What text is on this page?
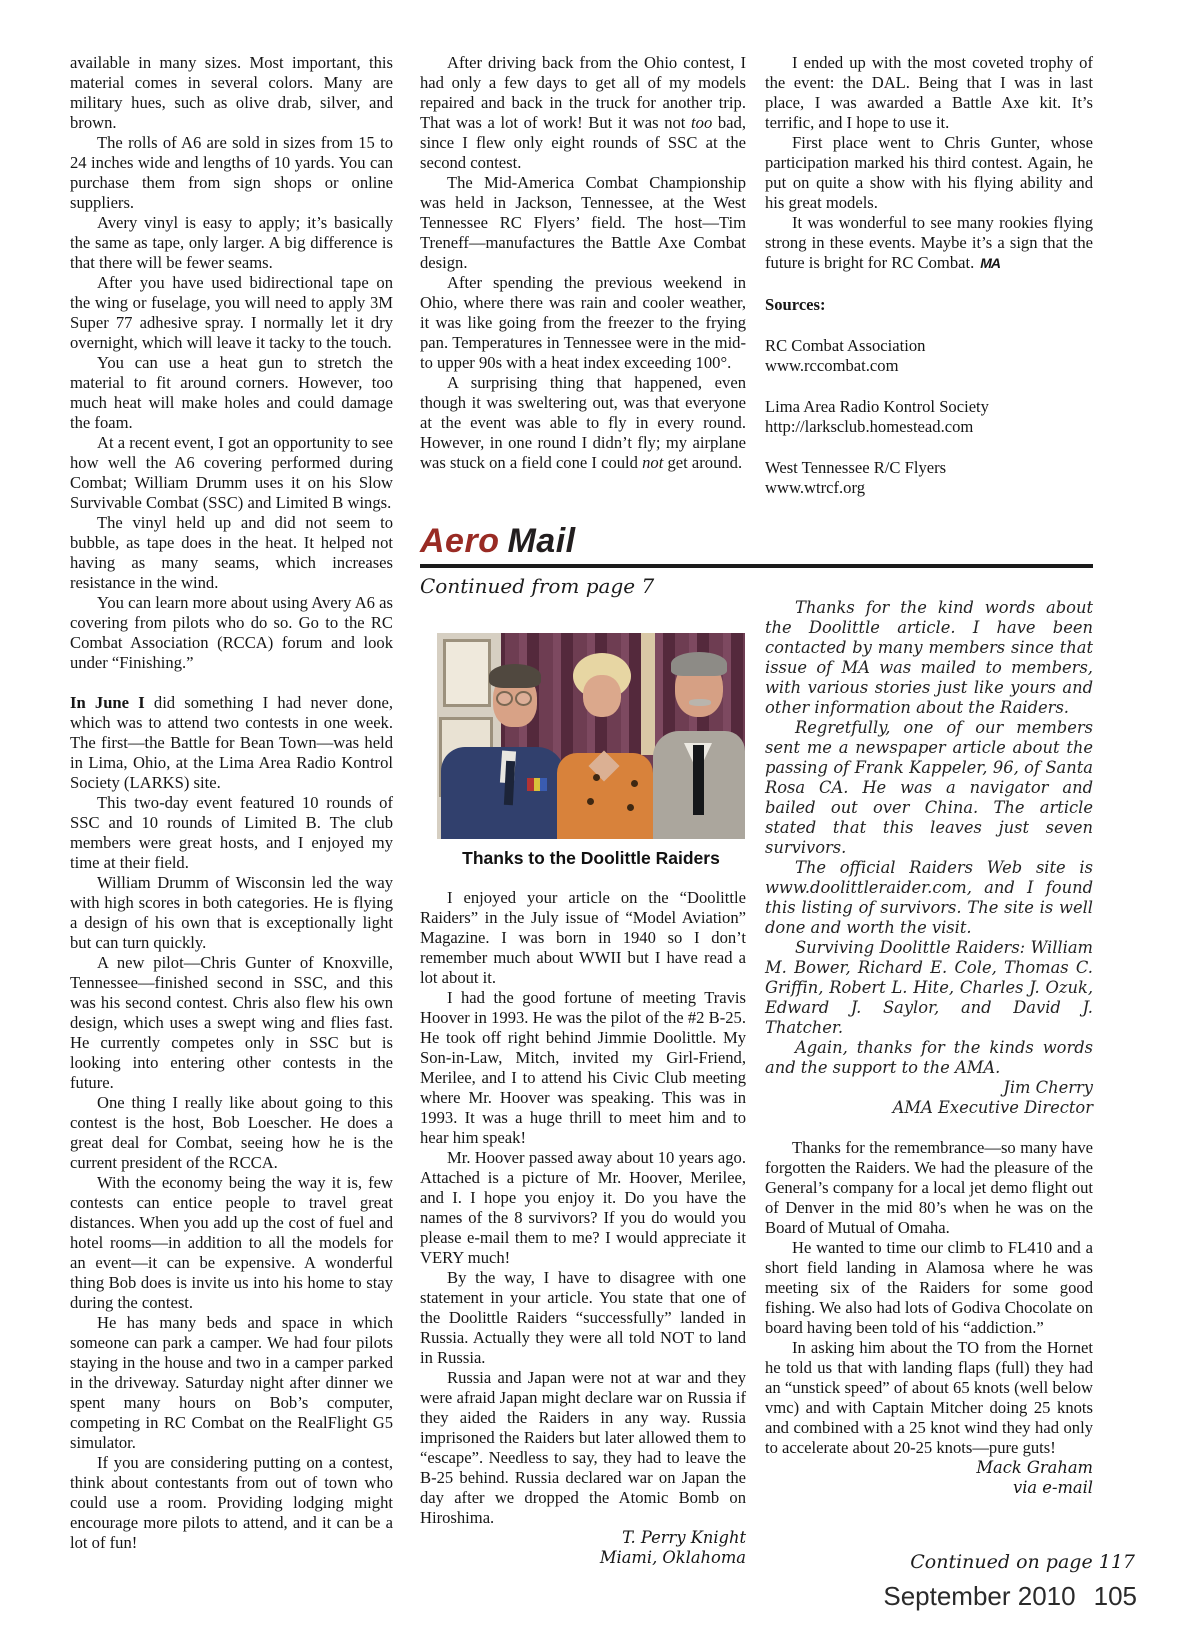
available in many sizes. Most important, this material comes in several colors. Many are military hues, such as olive drab, silver, and brown.

The rolls of A6 are sold in sizes from 15 to 24 inches wide and lengths of 10 yards. You can purchase them from sign shops or online suppliers.

Avery vinyl is easy to apply; it’s basically the same as tape, only larger. A big difference is that there will be fewer seams.

After you have used bidirectional tape on the wing or fuselage, you will need to apply 3M Super 77 adhesive spray. I normally let it dry overnight, which will leave it tacky to the touch.

You can use a heat gun to stretch the material to fit around corners. However, too much heat will make holes and could damage the foam.

At a recent event, I got an opportunity to see how well the A6 covering performed during Combat; William Drumm uses it on his Slow Survivable Combat (SSC) and Limited B wings.

The vinyl held up and did not seem to bubble, as tape does in the heat. It helped not having as many seams, which increases resistance in the wind.

You can learn more about using Avery A6 as covering from pilots who do so. Go to the RC Combat Association (RCCA) forum and look under “Finishing.”

In June I did something I had never done, which was to attend two contests in one week. The first—the Battle for Bean Town—was held in Lima, Ohio, at the Lima Area Radio Kontrol Society (LARKS) site.

This two-day event featured 10 rounds of SSC and 10 rounds of Limited B. The club members were great hosts, and I enjoyed my time at their field.

William Drumm of Wisconsin led the way with high scores in both categories. He is flying a design of his own that is exceptionally light but can turn quickly.

A new pilot—Chris Gunter of Knoxville, Tennessee—finished second in SSC, and this was his second contest. Chris also flew his own design, which uses a swept wing and flies fast. He currently competes only in SSC but is looking into entering other contests in the future.

One thing I really like about going to this contest is the host, Bob Loescher. He does a great deal for Combat, seeing how he is the current president of the RCCA.

With the economy being the way it is, few contests can entice people to travel great distances. When you add up the cost of fuel and hotel rooms—in addition to all the models for an event—it can be expensive. A wonderful thing Bob does is invite us into his home to stay during the contest.

He has many beds and space in which someone can park a camper. We had four pilots staying in the house and two in a camper parked in the driveway. Saturday night after dinner we spent many hours on Bob’s computer, competing in RC Combat on the RealFlight G5 simulator.

If you are considering putting on a contest, think about contestants from out of town who could use a room. Providing lodging might encourage more pilots to attend, and it can be a lot of fun!

After driving back from the Ohio contest, I had only a few days to get all of my models repaired and back in the truck for another trip. That was a lot of work! But it was not too bad, since I flew only eight rounds of SSC at the second contest.

The Mid-America Combat Championship was held in Jackson, Tennessee, at the West Tennessee RC Flyers’ field. The host—Tim Treneff—manufactures the Battle Axe Combat design.

After spending the previous weekend in Ohio, where there was rain and cooler weather, it was like going from the freezer to the frying pan. Temperatures in Tennessee were in the mid- to upper 90s with a heat index exceeding 100°.

A surprising thing that happened, even though it was sweltering out, was that everyone at the event was able to fly in every round. However, in one round I didn’t fly; my airplane was stuck on a field cone I could not get around.

Aero Mail
Continued from page 7
Thanks to the Doolittle Raiders

I enjoyed your article on the “Doolittle Raiders” in the July issue of “Model Aviation” Magazine. I was born in 1940 so I don’t remember much about WWII but I have read a lot about it.

I had the good fortune of meeting Travis Hoover in 1993. He was the pilot of the #2 B-25. He took off right behind Jimmie Doolittle. My Son-in-Law, Mitch, invited my Girl-Friend, Merilee, and I to attend his Civic Club meeting where Mr. Hoover was speaking. This was in 1993. It was a huge thrill to meet him and to hear him speak!

Mr. Hoover passed away about 10 years ago. Attached is a picture of Mr. Hoover, Merilee, and I. I hope you enjoy it. Do you have the names of the 8 survivors? If you do would you please e-mail them to me? I would appreciate it VERY much!

By the way, I have to disagree with one statement in your article. You state that one of the Doolittle Raiders “successfully” landed in Russia. Actually they were all told NOT to land in Russia.

Russia and Japan were not at war and they were afraid Japan might declare war on Russia if they aided the Raiders in any way. Russia imprisoned the Raiders but later allowed them to “escape”. Needless to say, they had to leave the B-25 behind. Russia declared war on Japan the day after we dropped the Atomic Bomb on Hiroshima.

T. Perry Knight

Miami, Oklahoma

I ended up with the most coveted trophy of the event: the DAL. Being that I was in last place, I was awarded a Battle Axe kit. It’s terrific, and I hope to use it.

First place went to Chris Gunter, whose participation marked his third contest. Again, he put on quite a show with his flying ability and his great models.

It was wonderful to see many rookies flying strong in these events. Maybe it’s a sign that the future is bright for RC Combat. MA

Sources:

RC Combat Association
www.rccombat.com

Lima Area Radio Kontrol Society
http://larksclub.homestead.com

West Tennessee R/C Flyers
www.wtrcf.org

Thanks for the kind words about the Doolittle article. I have been contacted by many members since that issue of MA was mailed to members, with various stories just like yours and other information about the Raiders.

Regretfully, one of our members sent me a newspaper article about the passing of Frank Kappeler, 96, of Santa Rosa CA. He was a navigator and bailed out over China. The article stated that this leaves just seven survivors.

The official Raiders Web site is www.doolittleraider.com, and I found this listing of survivors. The site is well done and worth the visit.

Surviving Doolittle Raiders: William M. Bower, Richard E. Cole, Thomas C. Griffin, Robert L. Hite, Charles J. Ozuk, Edward J. Saylor, and David J. Thatcher.

Again, thanks for the kinds words and the support to the AMA.

Jim Cherry

AMA Executive Director

Thanks for the remembrance—so many have forgotten the Raiders. We had the pleasure of the General’s company for a local jet demo flight out of Denver in the mid 80’s when he was on the Board of Mutual of Omaha.

He wanted to time our climb to FL410 and a short field landing in Alamosa where he was meeting six of the Raiders for some good fishing. We also had lots of Godiva Chocolate on board having been told of his “addiction.”

In asking him about the TO from the Hornet he told us that with landing flaps (full) they had an “unstick speed” of about 65 knots (well below vmc) and with Captain Mitcher doing 25 knots and combined with a 25 knot wind they had only to accelerate about 20-25 knots—pure guts!

Mack Graham

via e-mail

Continued on page 117
September 2010 105
